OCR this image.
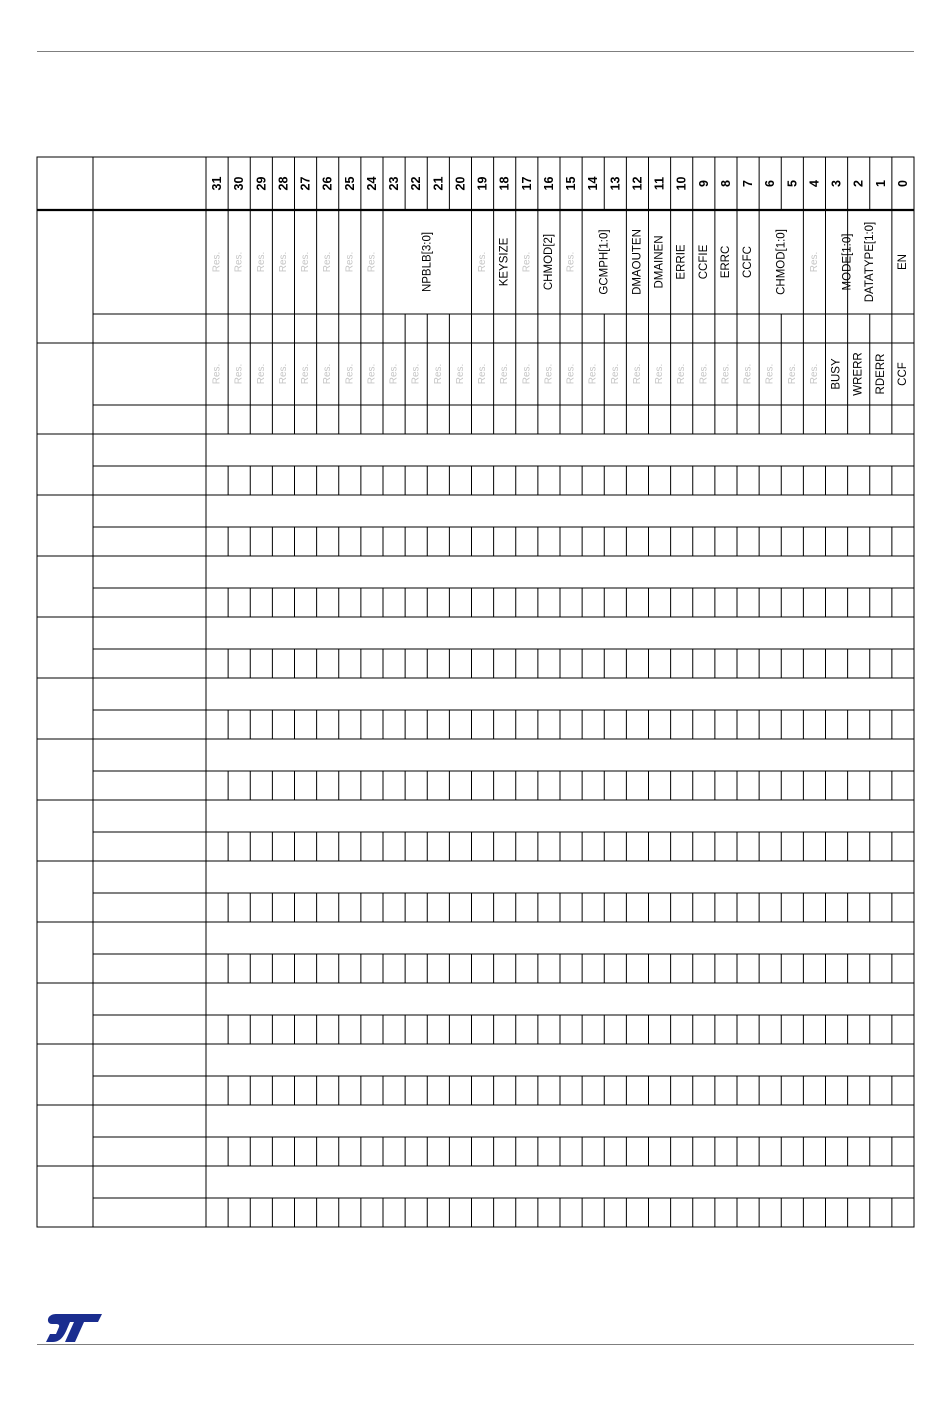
31 30 29 28 27 26 25 24 23 22 21 20 19 18 17 16 15 14 13 12 11 10 9 8 7 6 5 4 3 2 1 0
Res. Res. Res. Res. Res. Res. Res. Res.	NPBLB[3:0]	Res. KEYSIZE Res. CHMOD[2] Res. GCMPH[1:0] DMAOUTEN DMAINEN ERRIE CCFIE ERRC CCFC CHMOD[1:0] Res. MODE[1:0] DATATYPE[1:0] EN
Res. Res. Res. Res. Res. Res. Res. Res. Res. Res. Res. Res. Res. Res. Res. Res. Res. Res. Res. Res. Res. Res. Res. Res. Res. Res. Res. Res. BUSY WRERR RDERR CCF
